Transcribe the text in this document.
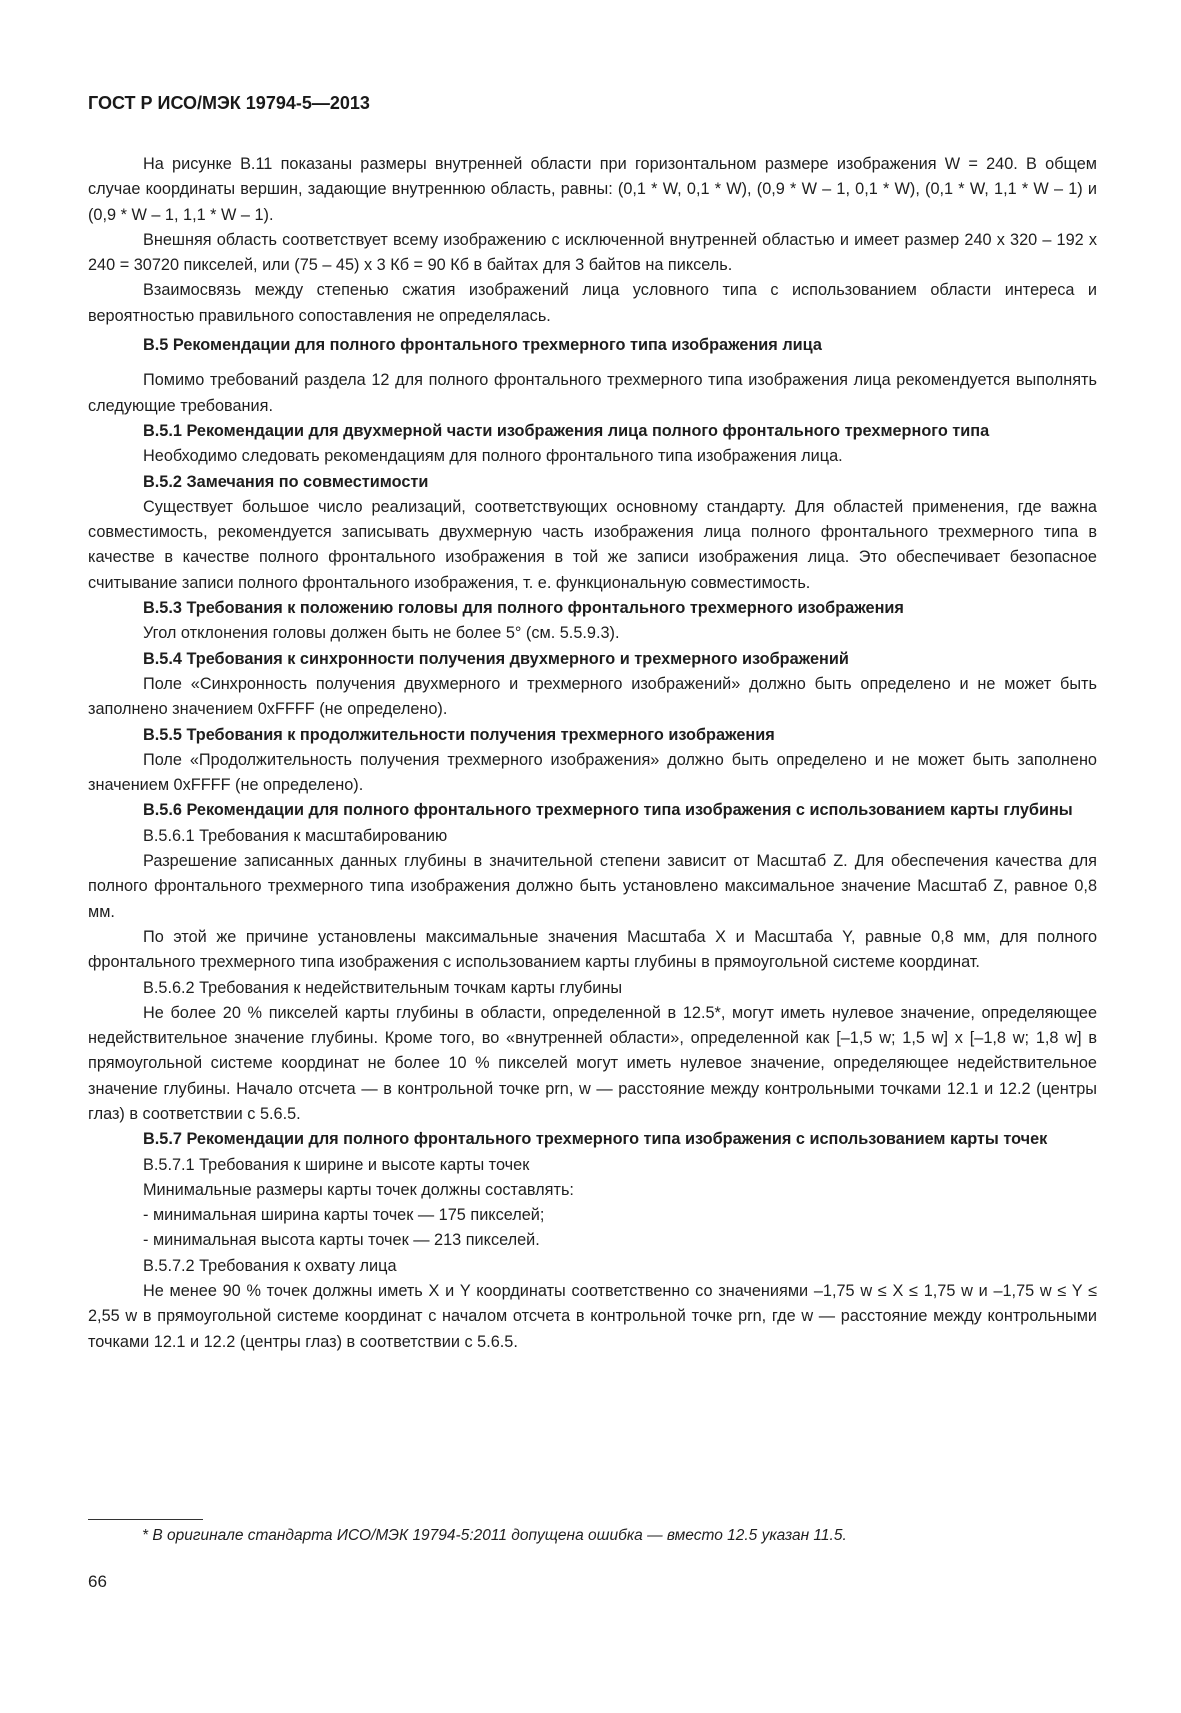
ГОСТ Р ИСО/МЭК 19794-5—2013

На рисунке В.11 показаны размеры внутренней области при горизонтальном размере изображения W = 240. В общем случае координаты вершин, задающие внутреннюю область, равны: (0,1 * W, 0,1 * W), (0,9 * W – 1, 0,1 * W), (0,1 * W, 1,1 * W – 1) и (0,9 * W – 1, 1,1 * W – 1).

Внешняя область соответствует всему изображению с исключенной внутренней областью и имеет размер 240 x 320 – 192 x 240 = 30720 пикселей, или (75 – 45) x 3 Кб = 90 Кб в байтах для 3 байтов на пиксель.

Взаимосвязь между степенью сжатия изображений лица условного типа с использованием области интереса и вероятностью правильного сопоставления не определялась.

В.5 Рекомендации для полного фронтального трехмерного типа изображения лица

Помимо требований раздела 12 для полного фронтального трехмерного типа изображения лица рекомендуется выполнять следующие требования.

В.5.1 Рекомендации для двухмерной части изображения лица полного фронтального трехмерного типа

Необходимо следовать рекомендациям для полного фронтального типа изображения лица.

В.5.2 Замечания по совместимости

Существует большое число реализаций, соответствующих основному стандарту. Для областей применения, где важна совместимость, рекомендуется записывать двухмерную часть изображения лица полного фронтального трехмерного типа в качестве в качестве полного фронтального изображения в той же записи изображения лица. Это обеспечивает безопасное считывание записи полного фронтального изображения, т. е. функциональную совместимость.

В.5.3 Требования к положению головы для полного фронтального трехмерного изображения

Угол отклонения головы должен быть не более 5° (см. 5.5.9.3).

В.5.4 Требования к синхронности получения двухмерного и трехмерного изображений

Поле «Синхронность получения двухмерного и трехмерного изображений» должно быть определено и не может быть заполнено значением 0xFFFF (не определено).

В.5.5 Требования к продолжительности получения трехмерного изображения

Поле «Продолжительность получения трехмерного изображения» должно быть определено и не может быть заполнено значением 0xFFFF (не определено).

В.5.6 Рекомендации для полного фронтального трехмерного типа изображения с использованием карты глубины

В.5.6.1 Требования к масштабированию

Разрешение записанных данных глубины в значительной степени зависит от Масштаб Z. Для обеспечения качества для полного фронтального трехмерного типа изображения должно быть установлено максимальное значение Масштаб Z, равное 0,8 мм.

По этой же причине установлены максимальные значения Масштаба X и Масштаба Y, равные 0,8 мм, для полного фронтального трехмерного типа изображения с использованием карты глубины в прямоугольной системе координат.

В.5.6.2 Требования к недействительным точкам карты глубины

Не более 20 % пикселей карты глубины в области, определенной в 12.5*, могут иметь нулевое значение, определяющее недействительное значение глубины. Кроме того, во «внутренней области», определенной как [–1,5 w; 1,5 w] x [–1,8 w; 1,8 w] в прямоугольной системе координат не более 10 % пикселей могут иметь нулевое значение, определяющее недействительное значение глубины. Начало отсчета — в контрольной точке prn, w — расстояние между контрольными точками 12.1 и 12.2 (центры глаз) в соответствии с 5.6.5.

В.5.7 Рекомендации для полного фронтального трехмерного типа изображения с использованием карты точек

В.5.7.1 Требования к ширине и высоте карты точек

Минимальные размеры карты точек должны составлять:

- минимальная ширина карты точек — 175 пикселей;

- минимальная высота карты точек — 213 пикселей.

В.5.7.2 Требования к охвату лица

Не менее 90 % точек должны иметь X и Y координаты соответственно со значениями –1,75 w ≤ X ≤ 1,75 w и –1,75 w ≤ Y ≤ 2,55 w в прямоугольной системе координат с началом отсчета в контрольной точке prn, где w — расстояние между контрольными точками 12.1 и 12.2 (центры глаз) в соответствии с 5.6.5.

* В оригинале стандарта ИСО/МЭК 19794-5:2011 допущена ошибка — вместо 12.5 указан 11.5.
66
